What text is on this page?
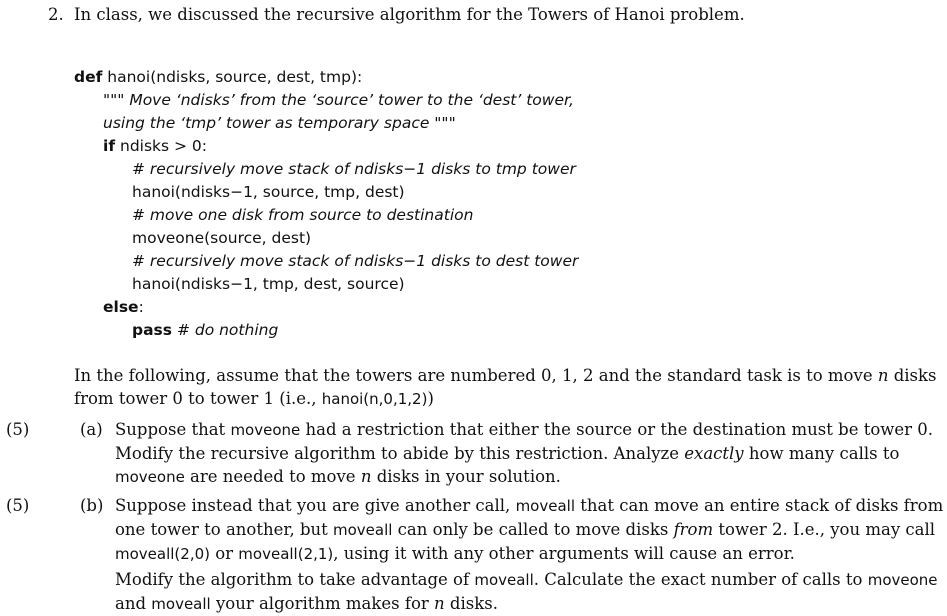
2. In class, we discussed the recursive algorithm for the Towers of Hanoi problem.
def hanoi(ndisks, source, dest, tmp):
""" Move ‘ndisks’ from the ‘source’ tower to the ‘dest’ tower,
using the ‘tmp’ tower as temporary space """
if ndisks > 0:
# recursively move stack of ndisks−1 disks to tmp tower
hanoi(ndisks−1, source, tmp, dest)
# move one disk from source to destination
moveone(source, dest)
# recursively move stack of ndisks−1 disks to dest tower
hanoi(ndisks−1, tmp, dest, source)
else:
pass # do nothing
In the following, assume that the towers are numbered 0, 1, 2 and the standard task is to move n disks from tower 0 to tower 1 (i.e., hanoi(n,0,1,2))
(5)	(a) Suppose that moveone had a restriction that either the source or the destination must be tower 0. Modify the recursive algorithm to abide by this restriction. Analyze exactly how many calls to moveone are needed to move n disks in your solution.
(5)	(b) Suppose instead that you are give another call, moveall that can move an entire stack of disks from one tower to another, but moveall can only be called to move disks from tower 2. I.e., you may call moveall(2,0) or moveall(2,1), using it with any other arguments will cause an error.
Modify the algorithm to take advantage of moveall. Calculate the exact number of calls to moveone and moveall your algorithm makes for n disks.
